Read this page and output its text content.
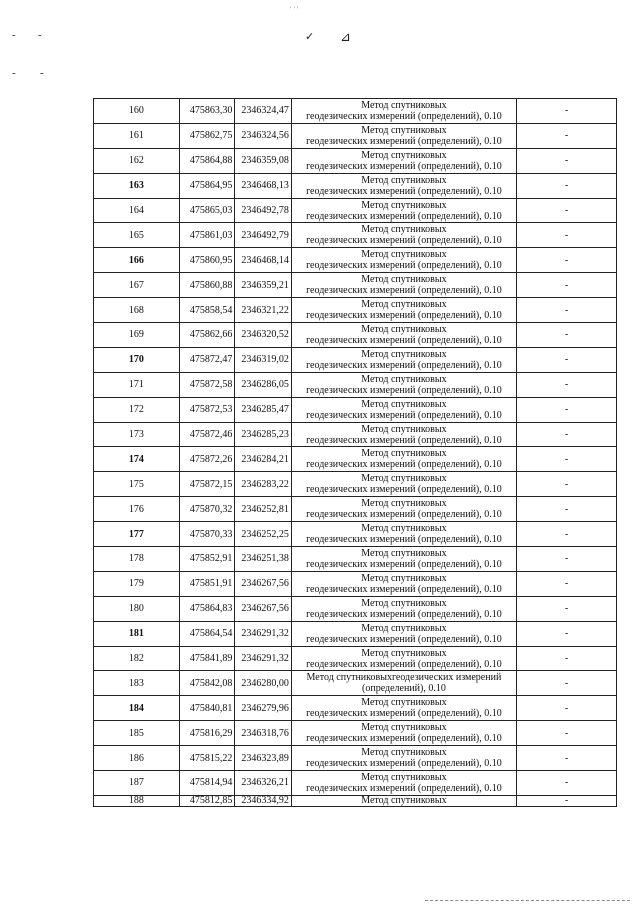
- -
- -
✓ ⊿
' ' '
160	475863,30	2346324,47	Метод спутниковых
геодезических измерений (определений), 0.10	-
161	475862,75	2346324,56	Метод спутниковых
геодезических измерений (определений), 0.10	-
162	475864,88	2346359,08	Метод спутниковых
геодезических измерений (определений), 0.10	-
163	475864,95	2346468,13	Метод спутниковых
геодезических измерений (определений), 0.10	-
164	475865,03	2346492,78	Метод спутниковых
геодезических измерений (определений), 0.10	-
165	475861,03	2346492,79	Метод спутниковых
геодезических измерений (определений), 0.10	-
166	475860,95	2346468,14	Метод спутниковых
геодезических измерений (определений), 0.10	-
167	475860,88	2346359,21	Метод спутниковых
геодезических измерений (определений), 0.10	-
168	475858,54	2346321,22	Метод спутниковых
геодезических измерений (определений), 0.10	-
169	475862,66	2346320,52	Метод спутниковых
геодезических измерений (определений), 0.10	-
170	475872,47	2346319,02	Метод спутниковых
геодезических измерений (определений), 0.10	-
171	475872,58	2346286,05	Метод спутниковых
геодезических измерений (определений), 0.10	-
172	475872,53	2346285,47	Метод спутниковых
геодезических измерений (определений), 0.10	-
173	475872,46	2346285,23	Метод спутниковых
геодезических измерений (определений), 0.10	-
174	475872,26	2346284,21	Метод спутниковых
геодезических измерений (определений), 0.10	-
175	475872,15	2346283,22	Метод спутниковых
геодезических измерений (определений), 0.10	-
176	475870,32	2346252,81	Метод спутниковых
геодезических измерений (определений), 0.10	-
177	475870,33	2346252,25	Метод спутниковых
геодезических измерений (определений), 0.10	-
178	475852,91	2346251,38	Метод спутниковых
геодезических измерений (определений), 0.10	-
179	475851,91	2346267,56	Метод спутниковых
геодезических измерений (определений), 0.10	-
180	475864,83	2346267,56	Метод спутниковых
геодезических измерений (определений), 0.10	-
181	475864,54	2346291,32	Метод спутниковых
геодезических измерений (определений), 0.10	-
182	475841,89	2346291,32	Метод спутниковых
геодезических измерений (определений), 0.10	-
183	475842,08	2346280,00	Метод спутниковыхгеодезических измерений
(определений), 0.10	-
184	475840,81	2346279,96	Метод спутниковых
геодезических измерений (определений), 0.10	-
185	475816,29	2346318,76	Метод спутниковых
геодезических измерений (определений), 0.10	-
186	475815,22	2346323,89	Метод спутниковых
геодезических измерений (определений), 0.10	-
187	475814,94	2346326,21	Метод спутниковых
геодезических измерений (определений), 0.10	-
188	475812,85	2346334,92	Метод спутниковых	-
